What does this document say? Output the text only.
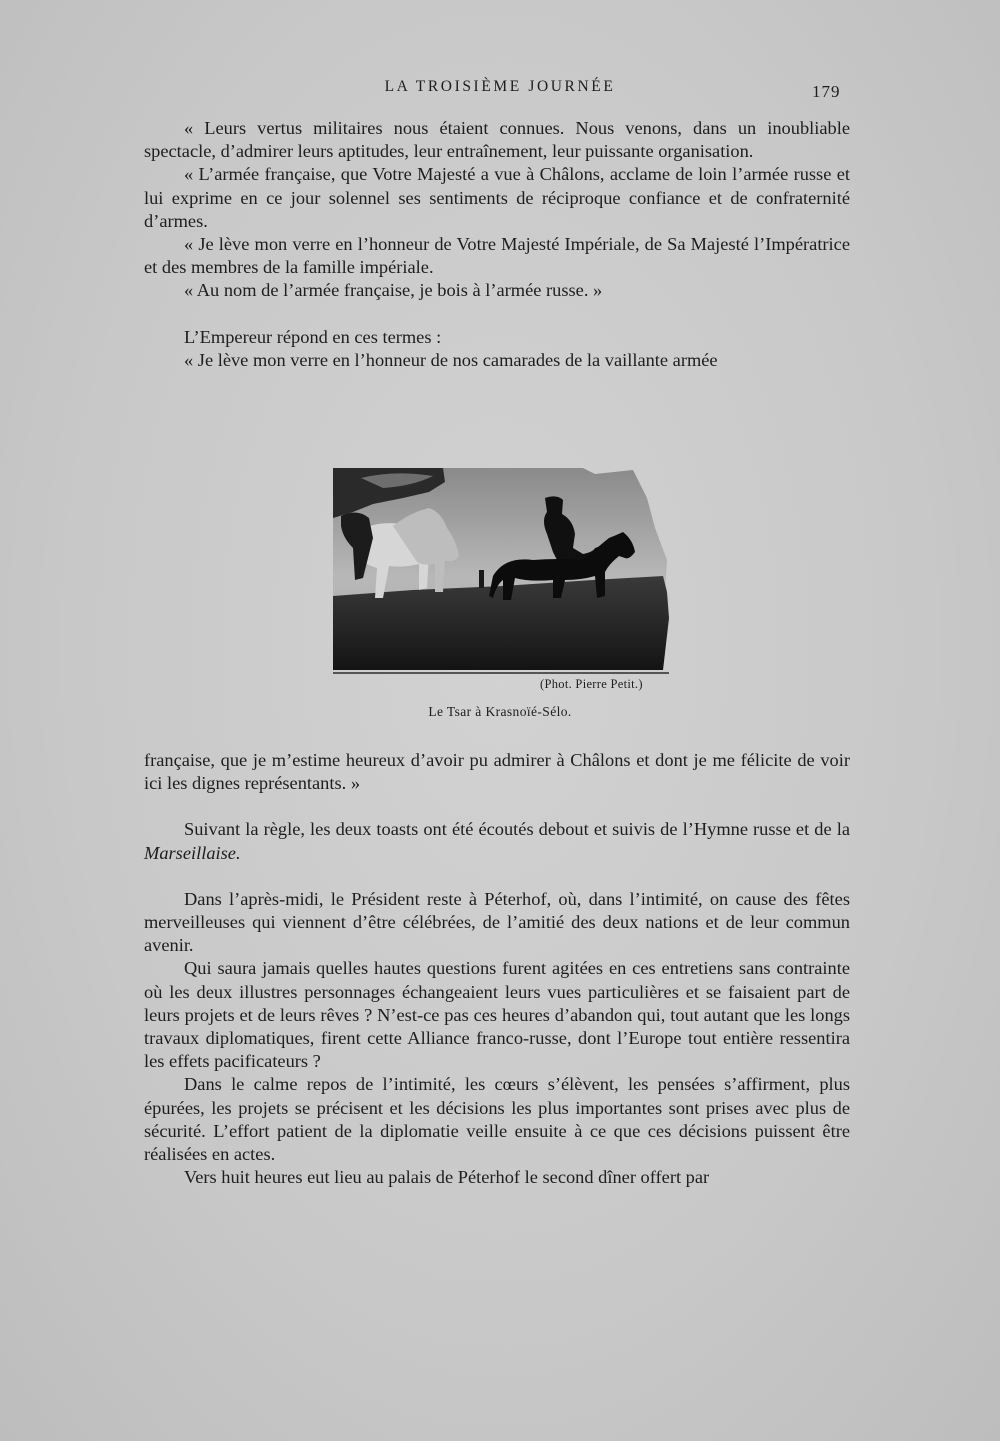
LA TROISIÈME JOURNÉE	179

« Leurs vertus militaires nous étaient connues. Nous venons, dans un inoubliable spectacle, d’admirer leurs aptitudes, leur entraînement, leur puissante organisation.

« L’armée française, que Votre Majesté a vue à Châlons, acclame de loin l’armée russe et lui exprime en ce jour solennel ses sentiments de réciproque confiance et de confraternité d’armes.

« Je lève mon verre en l’honneur de Votre Majesté Impériale, de Sa Majesté l’Impératrice et des membres de la famille impériale.

« Au nom de l’armée française, je bois à l’armée russe. »

L’Empereur répond en ces termes :

« Je lève mon verre en l’honneur de nos camarades de la vaillante armée

(Phot. Pierre Petit.)
Le Tsar à Krasnoïé-Sélo.

française, que je m’estime heureux d’avoir pu admirer à Châlons et dont je me félicite de voir ici les dignes représentants. »

Suivant la règle, les deux toasts ont été écoutés debout et suivis de l’Hymne russe et de la Marseillaise.

Dans l’après-midi, le Président reste à Péterhof, où, dans l’intimité, on cause des fêtes merveilleuses qui viennent d’être célébrées, de l’amitié des deux nations et de leur commun avenir.

Qui saura jamais quelles hautes questions furent agitées en ces entretiens sans contrainte où les deux illustres personnages échangeaient leurs vues particulières et se faisaient part de leurs projets et de leurs rêves ? N’est-ce pas ces heures d’abandon qui, tout autant que les longs travaux diplomatiques, firent cette Alliance franco-russe, dont l’Europe tout entière ressentira les effets pacificateurs ?

Dans le calme repos de l’intimité, les cœurs s’élèvent, les pensées s’affirment, plus épurées, les projets se précisent et les décisions les plus importantes sont prises avec plus de sécurité. L’effort patient de la diplomatie veille ensuite à ce que ces décisions puissent être réalisées en actes.

Vers huit heures eut lieu au palais de Péterhof le second dîner offert par
